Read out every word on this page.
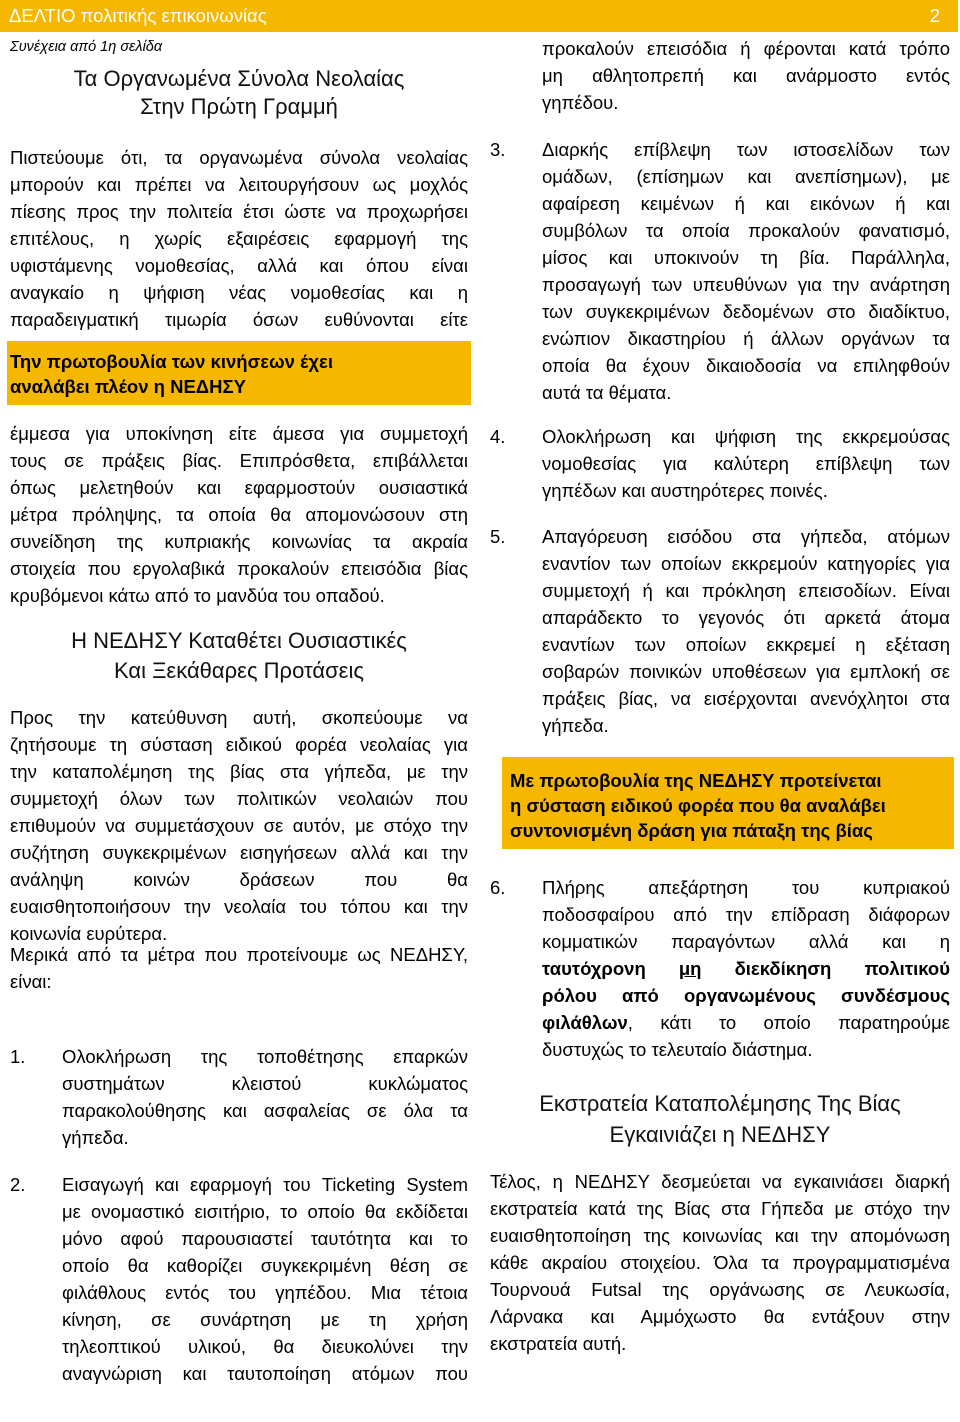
ΔΕΛΤΙΟ πολιτικής επικοινωνίας	2
Συνέχεια από 1η σελίδα
Τα Οργανωμένα Σύνολα Νεολαίας
Στην Πρώτη Γραμμή
Πιστεύουμε ότι, τα οργανωμένα σύνολα νεολαίας
μπορούν και πρέπει να λειτουργήσουν ως μοχλός
πίεσης προς την πολιτεία έτσι ώστε να προχωρήσει
επιτέλους, η χωρίς εξαιρέσεις εφαρμογή της
υφιστάμενης νομοθεσίας, αλλά και όπου είναι
αναγκαίο η ψήφιση νέας νομοθεσίας και η
παραδειγματική τιμωρία όσων ευθύνονται είτε
Την πρωτοβουλία των κινήσεων έχει
αναλάβει πλέον η ΝΕΔΗΣΥ
έμμεσα για υποκίνηση είτε άμεσα για συμμετοχή
τους σε πράξεις βίας. Επιπρόσθετα, επιβάλλεται
όπως μελετηθούν και εφαρμοστούν ουσιαστικά
μέτρα πρόληψης, τα οποία θα απομονώσουν στη
συνείδηση της κυπριακής κοινωνίας τα ακραία
στοιχεία που εργολαβικά προκαλούν επεισόδια βίας
κρυβόμενοι κάτω από το μανδύα του οπαδού.
Η ΝΕΔΗΣΥ Καταθέτει Ουσιαστικές
Και Ξεκάθαρες Προτάσεις
Προς την κατεύθυνση αυτή, σκοπεύουμε να
ζητήσουμε τη σύσταση ειδικού φορέα νεολαίας για
την καταπολέμηση της βίας στα γήπεδα, με την
συμμετοχή όλων των πολιτικών νεολαιών που
επιθυμούν να συμμετάσχουν σε αυτόν, με στόχο την
συζήτηση συγκεκριμένων εισηγήσεων αλλά και την
ανάληψη κοινών δράσεων που θα
ευαισθητοποιήσουν την νεολαία του τόπου και την
κοινωνία ευρύτερα.
Μερικά από τα μέτρα που προτείνουμε ως ΝΕΔΗΣΥ,
είναι:
1. Ολοκλήρωση της τοποθέτησης επαρκών
συστημάτων κλειστού κυκλώματος
παρακολούθησης και ασφαλείας σε όλα τα
γήπεδα.
2. Εισαγωγή και εφαρμογή του Ticketing System
με ονομαστικό εισιτήριο, το οποίο θα εκδίδεται
μόνο αφού παρουσιαστεί ταυτότητα και το
οποίο θα καθορίζει συγκεκριμένη θέση σε
φιλάθλους εντός του γηπέδου. Μια τέτοια
κίνηση, σε συνάρτηση με τη χρήση
τηλεοπτικού υλικού, θα διευκολύνει την
αναγνώριση και ταυτοποίηση ατόμων που
προκαλούν επεισόδια ή φέρονται κατά τρόπο
μη αθλητοπρεπή και ανάρμοστο εντός
γηπέδου.
3. Διαρκής επίβλεψη των ιστοσελίδων των
ομάδων, (επίσημων και ανεπίσημων), με
αφαίρεση κειμένων ή και εικόνων ή και
συμβόλων τα οποία προκαλούν φανατισμό,
μίσος και υποκινούν τη βία. Παράλληλα,
προσαγωγή των υπευθύνων για την ανάρτηση
των συγκεκριμένων δεδομένων στο διαδίκτυο,
ενώπιον δικαστηρίου ή άλλων οργάνων τα
οποία θα έχουν δικαιοδοσία να επιληφθούν
αυτά τα θέματα.
4. Ολοκλήρωση και ψήφιση της εκκρεμούσας
νομοθεσίας για καλύτερη επίβλεψη των
γηπέδων και αυστηρότερες ποινές.
5. Απαγόρευση εισόδου στα γήπεδα, ατόμων
εναντίον των οποίων εκκρεμούν κατηγορίες για
συμμετοχή ή και πρόκληση επεισοδίων. Είναι
απαράδεκτο το γεγονός ότι αρκετά άτομα
εναντίων των οποίων εκκρεμεί η εξέταση
σοβαρών ποινικών υποθέσεων για εμπλοκή σε
πράξεις βίας, να εισέρχονται ανενόχλητοι στα
γήπεδα.
Με πρωτοβουλία της ΝΕΔΗΣΥ προτείνεται
η σύσταση ειδικού φορέα που θα αναλάβει
συντονισμένη δράση για πάταξη της βίας
6. Πλήρης απεξάρτηση του κυπριακού
ποδοσφαίρου από την επίδραση διάφορων
κομματικών παραγόντων αλλά και η
ταυτόχρονη μη διεκδίκηση πολιτικού
ρόλου από οργανωμένους συνδέσμους
φιλάθλων, κάτι το οποίο παρατηρούμε
δυστυχώς το τελευταίο διάστημα.
Εκστρατεία Καταπολέμησης Της Βίας
Εγκαινιάζει η ΝΕΔΗΣΥ
Τέλος, η ΝΕΔΗΣΥ δεσμεύεται να εγκαινιάσει διαρκή
εκστρατεία κατά της Βίας στα Γήπεδα με στόχο την
ευαισθητοποίηση της κοινωνίας και την απομόνωση
κάθε ακραίου στοιχείου. Όλα τα προγραμματισμένα
Τουρνουά Futsal της οργάνωσης σε Λευκωσία,
Λάρνακα και Αμμόχωστο θα εντάξουν στην
εκστρατεία αυτή.
